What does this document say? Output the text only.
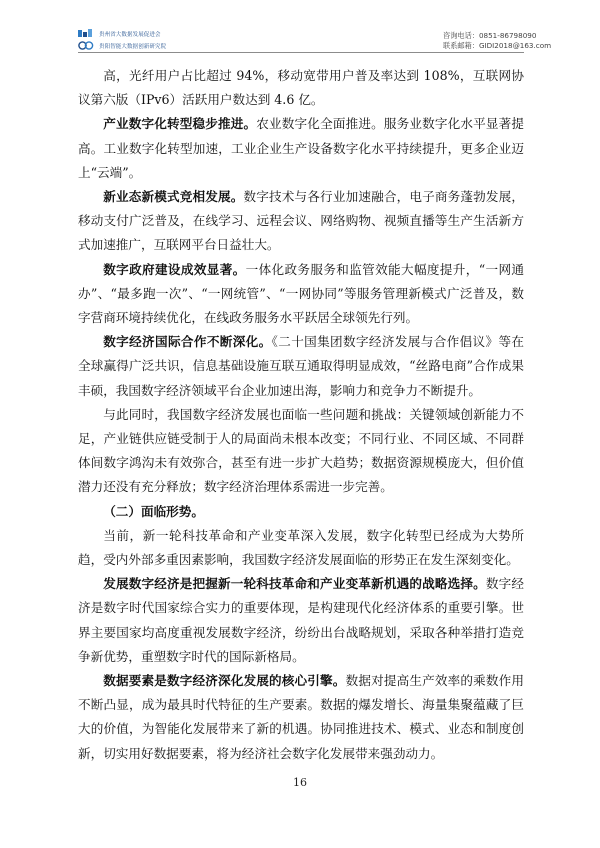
贵州省大数据发展促进会
贵阳智能大数据创新研究院
咨询电话：0851-86798090
联系邮箱：GIDI2018@163.com

高，光纤用户占比超过 94%，移动宽带用户普及率达到 108%，互联网协议第六版（IPv6）活跃用户数达到 4.6 亿。

产业数字化转型稳步推进。农业数字化全面推进。服务业数字化水平显著提高。工业数字化转型加速，工业企业生产设备数字化水平持续提升，更多企业迈上“云端”。

新业态新模式竞相发展。数字技术与各行业加速融合，电子商务蓬勃发展，移动支付广泛普及，在线学习、远程会议、网络购物、视频直播等生产生活新方式加速推广，互联网平台日益壮大。

数字政府建设成效显著。一体化政务服务和监管效能大幅度提升，“一网通办”、“最多跑一次”、“一网统管”、“一网协同”等服务管理新模式广泛普及，数字营商环境持续优化，在线政务服务水平跃居全球领先行列。

数字经济国际合作不断深化。《二十国集团数字经济发展与合作倡议》等在全球赢得广泛共识，信息基础设施互联互通取得明显成效，“丝路电商”合作成果丰硕，我国数字经济领域平台企业加速出海，影响力和竞争力不断提升。

与此同时，我国数字经济发展也面临一些问题和挑战：关键领域创新能力不足，产业链供应链受制于人的局面尚未根本改变；不同行业、不同区域、不同群体间数字鸿沟未有效弥合，甚至有进一步扩大趋势；数据资源规模庞大，但价值潜力还没有充分释放；数字经济治理体系需进一步完善。

（二）面临形势。

当前，新一轮科技革命和产业变革深入发展，数字化转型已经成为大势所趋，受内外部多重因素影响，我国数字经济发展面临的形势正在发生深刻变化。

发展数字经济是把握新一轮科技革命和产业变革新机遇的战略选择。数字经济是数字时代国家综合实力的重要体现，是构建现代化经济体系的重要引擎。世界主要国家均高度重视发展数字经济，纷纷出台战略规划，采取各种举措打造竞争新优势，重塑数字时代的国际新格局。

数据要素是数字经济深化发展的核心引擎。数据对提高生产效率的乘数作用不断凸显，成为最具时代特征的生产要素。数据的爆发增长、海量集聚蕴藏了巨大的价值，为智能化发展带来了新的机遇。协同推进技术、模式、业态和制度创新，切实用好数据要素，将为经济社会数字化发展带来强劲动力。

16
